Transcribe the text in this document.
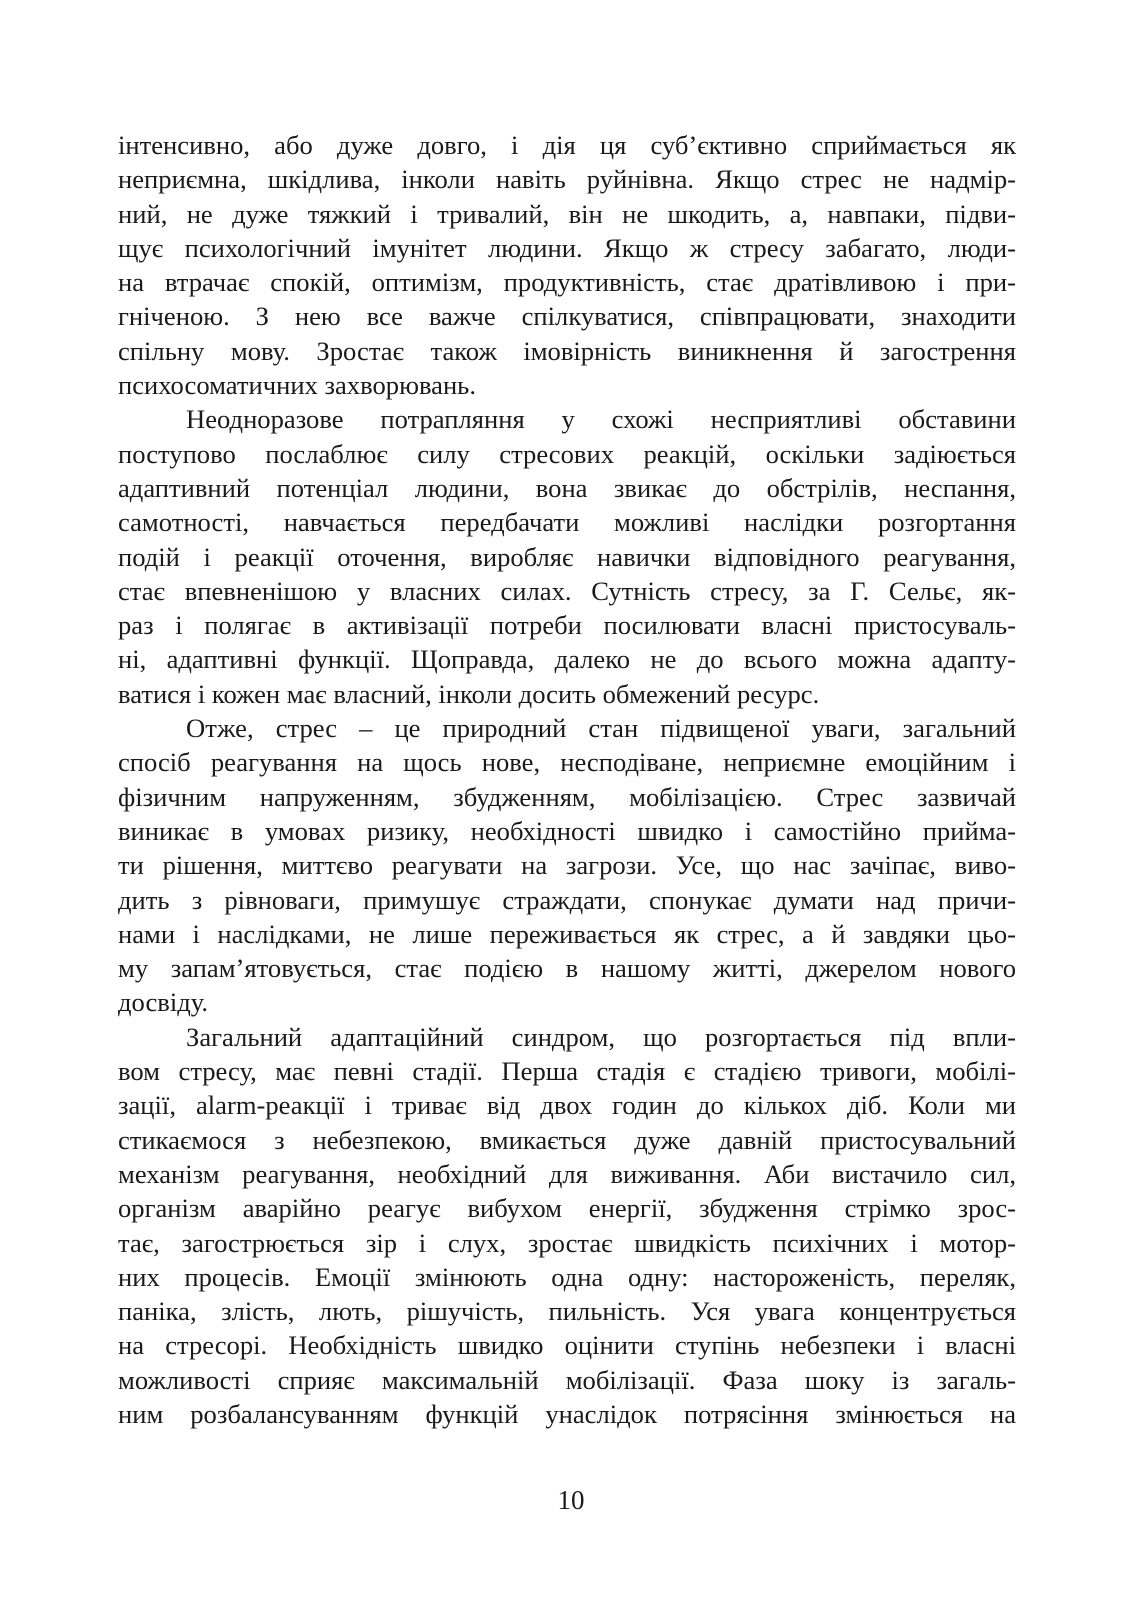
інтенсивно, або дуже довго, і дія ця суб’єктивно сприймається як
неприємна, шкідлива, інколи навіть руйнівна. Якщо стрес не надмір-
ний, не дуже тяжкий і тривалий, він не шкодить, а, навпаки, підви-
щує психологічний імунітет людини. Якщо ж стресу забагато, люди-
на втрачає спокій, оптимізм, продуктивність, стає дратівливою і при-
гніченою. З нею все важче спілкуватися, співпрацювати, знаходити
спільну мову. Зростає також імовірність виникнення й загострення
психосоматичних захворювань.
Неодноразове потрапляння у схожі несприятливі обставини
поступово послаблює силу стресових реакцій, оскільки задіюється
адаптивний потенціал людини, вона звикає до обстрілів, неспання,
самотності, навчається передбачати можливі наслідки розгортання
подій і реакції оточення, виробляє навички відповідного реагування,
стає впевненішою у власних силах. Сутність стресу, за Г. Сельє, як-
раз і полягає в активізації потреби посилювати власні пристосуваль-
ні, адаптивні функції. Щоправда, далеко не до всього можна адапту-
ватися і кожен має власний, інколи досить обмежений ресурс.
Отже, стрес – це природний стан підвищеної уваги, загальний
спосіб реагування на щось нове, несподіване, неприємне емоційним і
фізичним напруженням, збудженням, мобілізацією. Стрес зазвичай
виникає в умовах ризику, необхідності швидко і самостійно прийма-
ти рішення, миттєво реагувати на загрози. Усе, що нас зачіпає, виво-
дить з рівноваги, примушує страждати, спонукає думати над причи-
нами і наслідками, не лише переживається як стрес, а й завдяки цьо-
му запам’ятовується, стає подією в нашому житті, джерелом нового
досвіду.
Загальний адаптаційний синдром, що розгортається під впли-
вом стресу, має певні стадії. Перша стадія є стадією тривоги, мобілі-
зації, alarm-реакції і триває від двох годин до кількох діб. Коли ми
стикаємося з небезпекою, вмикається дуже давній пристосувальний
механізм реагування, необхідний для виживання. Аби вистачило сил,
організм аварійно реагує вибухом енергії, збудження стрімко зрос-
тає, загострюється зір і слух, зростає швидкість психічних і мотор-
них процесів. Емоції змінюють одна одну: настороженість, переляк,
паніка, злість, лють, рішучість, пильність. Уся увага концентрується
на стресорі. Необхідність швидко оцінити ступінь небезпеки і власні
можливості сприяє максимальній мобілізації. Фаза шоку із загаль-
ним розбалансуванням функцій унаслідок потрясіння змінюється на
10
